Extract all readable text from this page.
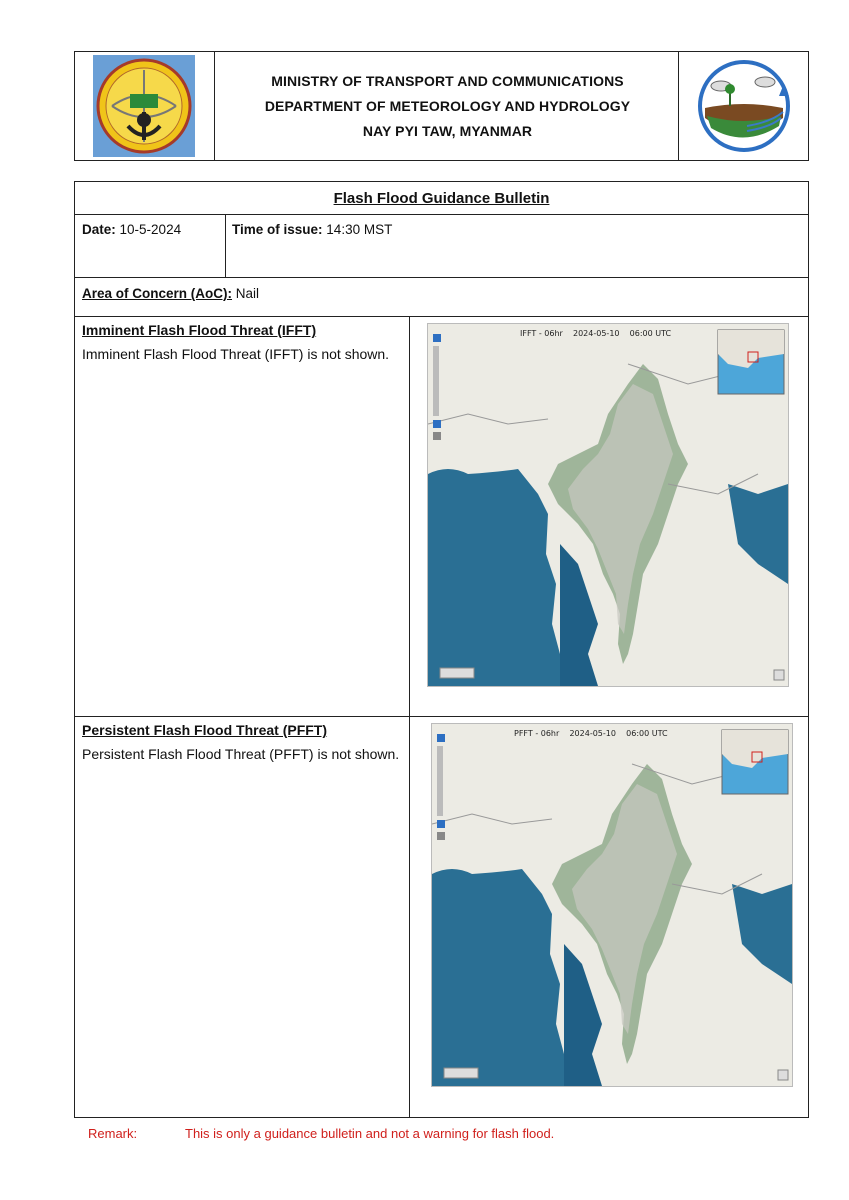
MINISTRY OF TRANSPORT AND COMMUNICATIONS
DEPARTMENT OF METEOROLOGY AND HYDROLOGY
NAY PYI TAW, MYANMAR
Flash Flood Guidance Bulletin
Date: 10-5-2024	Time of issue: 14:30 MST
Area of Concern (AoC): Nail
Imminent Flash Flood Threat (IFFT)
Imminent Flash Flood Threat (IFFT) is not shown.
IFFT - 06hr 2024-05-10 06:00 UTC
Persistent Flash Flood Threat (PFFT)
Persistent Flash Flood Threat (PFFT) is not shown.
PFFT - 06hr 2024-05-10 06:00 UTC
Remark:	This is only a guidance bulletin and not a warning for flash flood.
